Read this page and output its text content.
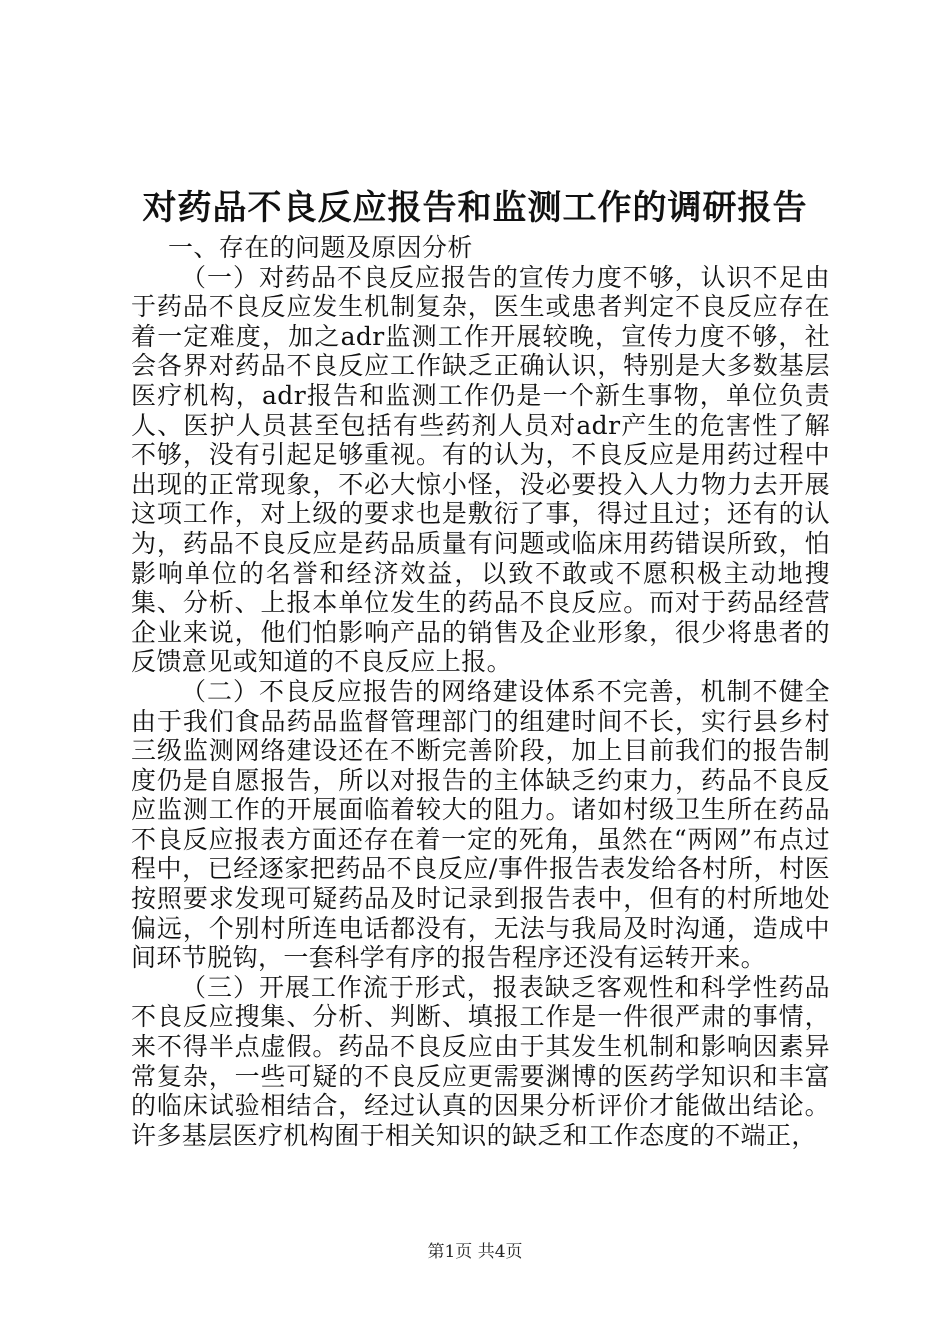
对药品不良反应报告和监测工作的调研报告

一、存在的问题及原因分析

（一）对药品不良反应报告的宣传力度不够，认识不足由于药品不良反应发生机制复杂，医生或患者判定不良反应存在着一定难度，加之adr监测工作开展较晚，宣传力度不够，社会各界对药品不良反应工作缺乏正确认识，特别是大多数基层医疗机构，adr报告和监测工作仍是一个新生事物，单位负责人、医护人员甚至包括有些药剂人员对adr产生的危害性了解不够，没有引起足够重视。有的认为，不良反应是用药过程中出现的正常现象，不必大惊小怪，没必要投入人力物力去开展这项工作，对上级的要求也是敷衍了事，得过且过；还有的认为，药品不良反应是药品质量有问题或临床用药错误所致，怕影响单位的名誉和经济效益，以致不敢或不愿积极主动地搜集、分析、上报本单位发生的药品不良反应。而对于药品经营企业来说，他们怕影响产品的销售及企业形象，很少将患者的反馈意见或知道的不良反应上报。

（二）不良反应报告的网络建设体系不完善，机制不健全由于我们食品药品监督管理部门的组建时间不长，实行县乡村三级监测网络建设还在不断完善阶段，加上目前我们的报告制度仍是自愿报告，所以对报告的主体缺乏约束力，药品不良反应监测工作的开展面临着较大的阻力。诸如村级卫生所在药品不良反应报表方面还存在着一定的死角，虽然在“两网”布点过程中，已经逐家把药品不良反应/事件报告表发给各村所，村医按照要求发现可疑药品及时记录到报告表中，但有的村所地处偏远，个别村所连电话都没有，无法与我局及时沟通，造成中间环节脱钩，一套科学有序的报告程序还没有运转开来。

（三）开展工作流于形式，报表缺乏客观性和科学性药品不良反应搜集、分析、判断、填报工作是一件很严肃的事情，来不得半点虚假。药品不良反应由于其发生机制和影响因素异常复杂，一些可疑的不良反应更需要渊博的医药学知识和丰富的临床试验相结合，经过认真的因果分析评价才能做出结论。许多基层医疗机构囿于相关知识的缺乏和工作态度的不端正，

第1页 共4页
